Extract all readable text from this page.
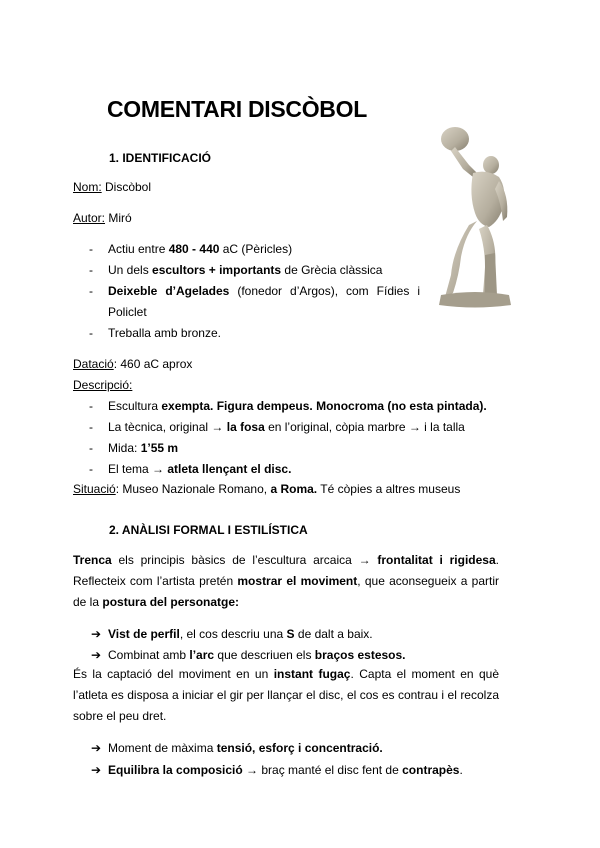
COMENTARI DISCÒBOL
1. IDENTIFICACIÓ
Nom: Discòbol
Autor: Miró
- Actiu entre 480 - 440 aC (Pèricles)
- Un dels escultors + importants de Grècia clàssica
- Deixeble d’Agelades (fonedor d’Argos), com Fídies i
Policlet
- Treballa amb bronze.
Datació: 460 aC aprox
Descripció:
- Escultura exempta. Figura dempeus. Monocroma (no esta pintada).
- La tècnica, original → la fosa en l’original, còpia marbre → i la talla
- Mida: 1’55 m
- El tema → atleta llençant el disc.
Situació: Museo Nazionale Romano, a Roma. Té còpies a altres museus
2. ANÀLISI FORMAL I ESTILÍSTICA
Trenca els principis bàsics de l’escultura arcaica → frontalitat i rigidesa. Reflecteix com l’artista pretén mostrar el moviment, que aconsegueix a partir de la postura del personatge:
➔ Vist de perfil, el cos descriu una S de dalt a baix.
➔ Combinat amb l’arc que descriuen els braços estesos.
És la captació del moviment en un instant fugaç. Capta el moment en què l’atleta es disposa a iniciar el gir per llançar el disc, el cos es contrau i el recolza sobre el peu dret.
➔ Moment de màxima tensió, esforç i concentració.
➔ Equilibra la composició → braç manté el disc fent de contrapès.
